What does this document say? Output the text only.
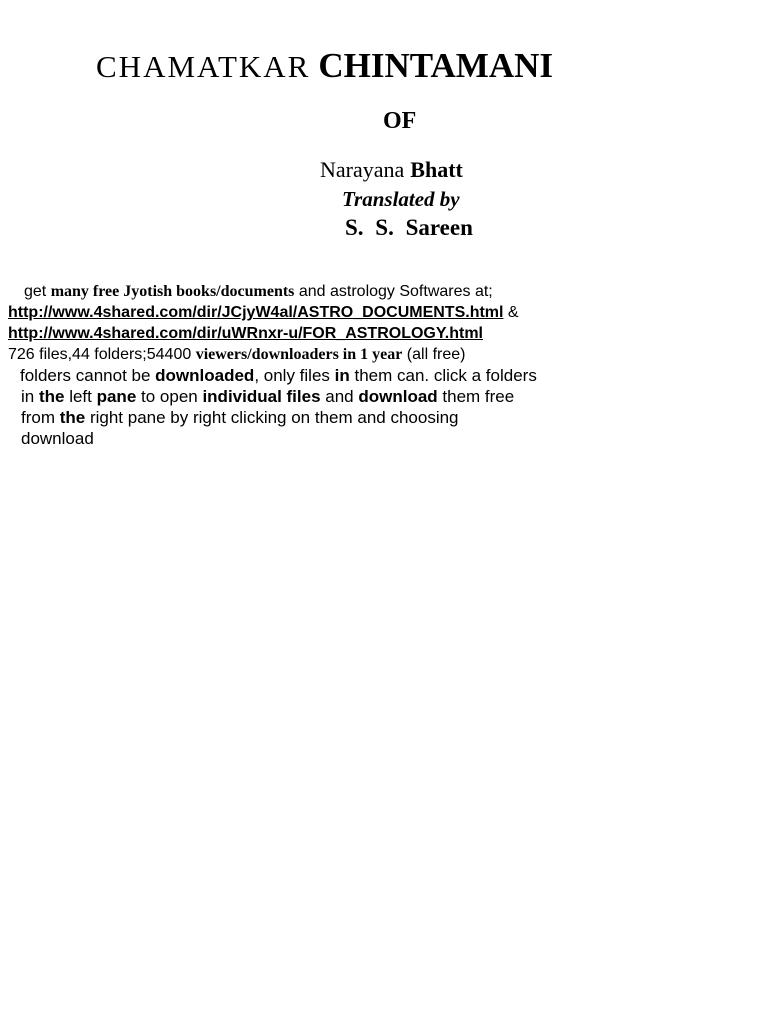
CHAMATKAR CHINTAMANI
OF
Narayana Bhatt
Translated by
S. S. Sareen
get many free Jyotish books/documents and astrology Softwares at;
http://www.4shared.com/dir/JCjyW4al/ASTRO_DOCUMENTS.html &
http://www.4shared.com/dir/uWRnxr-u/FOR_ASTROLOGY.html
726 files,44 folders;54400 viewers/downloaders in 1 year (all free)
folders cannot be downloaded, only files in them can. click a folders
in the left pane to open individual files and download them free
from the right pane by right clicking on them and choosing
download
